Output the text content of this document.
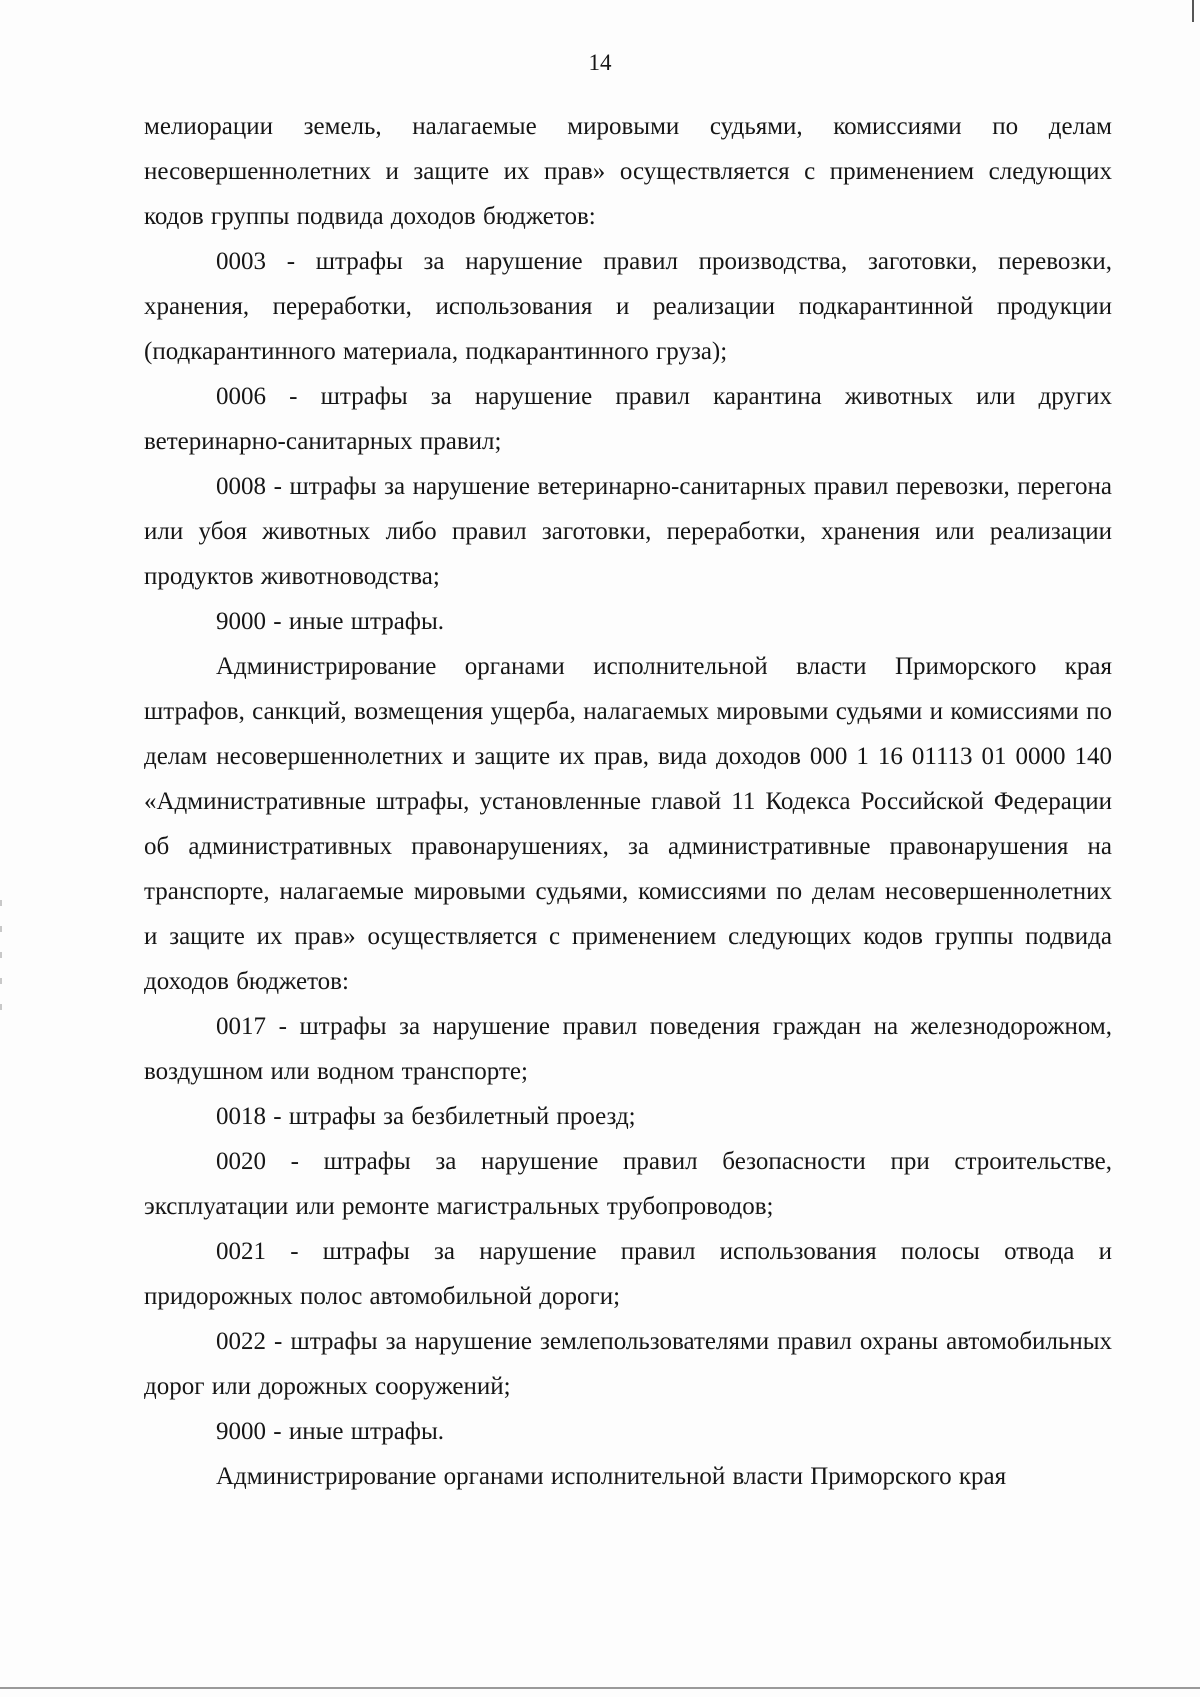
14

мелиорации земель, налагаемые мировыми судьями, комиссиями по делам несовершеннолетних и защите их прав» осуществляется с применением следующих кодов группы подвида доходов бюджетов:

0003 - штрафы за нарушение правил производства, заготовки, перевозки, хранения, переработки, использования и реализации подкарантинной продукции (подкарантинного материала, подкарантинного груза);

0006 - штрафы за нарушение правил карантина животных или других ветеринарно-санитарных правил;

0008 - штрафы за нарушение ветеринарно-санитарных правил перевозки, перегона или убоя животных либо правил заготовки, переработки, хранения или реализации продуктов животноводства;

9000 - иные штрафы.

Администрирование органами исполнительной власти Приморского края штрафов, санкций, возмещения ущерба, налагаемых мировыми судьями и комиссиями по делам несовершеннолетних и защите их прав, вида доходов 000 1 16 01113 01 0000 140 «Административные штрафы, установленные главой 11 Кодекса Российской Федерации об административных правонарушениях, за административные правонарушения на транспорте, налагаемые мировыми судьями, комиссиями по делам несовершеннолетних и защите их прав» осуществляется с применением следующих кодов группы подвида доходов бюджетов:

0017 - штрафы за нарушение правил поведения граждан на железнодорожном, воздушном или водном транспорте;

0018 - штрафы за безбилетный проезд;

0020 - штрафы за нарушение правил безопасности при строительстве, эксплуатации или ремонте магистральных трубопроводов;

0021 - штрафы за нарушение правил использования полосы отвода и придорожных полос автомобильной дороги;

0022 - штрафы за нарушение землепользователями правил охраны автомобильных дорог или дорожных сооружений;

9000 - иные штрафы.

Администрирование органами исполнительной власти Приморского края
